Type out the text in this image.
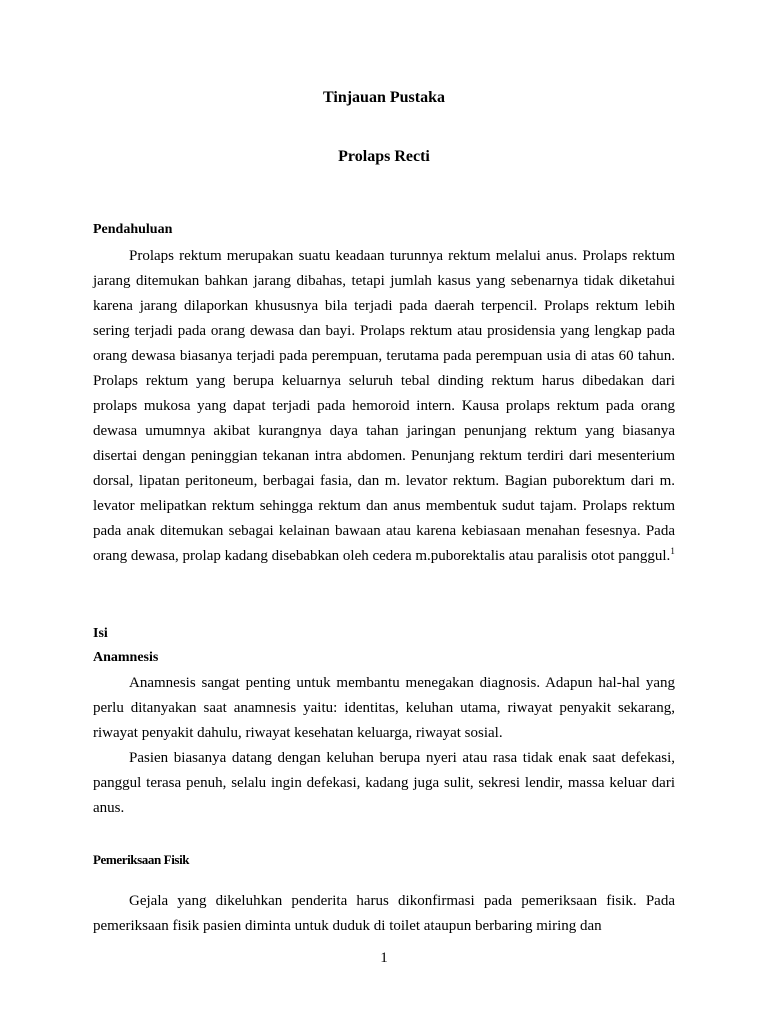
Tinjauan Pustaka
Prolaps Recti

Pendahuluan

Prolaps rektum merupakan suatu keadaan turunnya rektum melalui anus. Prolaps rektum jarang ditemukan bahkan jarang dibahas, tetapi jumlah kasus yang sebenarnya tidak diketahui karena jarang dilaporkan khususnya bila terjadi pada daerah terpencil. Prolaps rektum lebih sering terjadi pada orang dewasa dan bayi. Prolaps rektum atau prosidensia yang lengkap pada orang dewasa biasanya terjadi pada perempuan, terutama pada perempuan usia di atas 60 tahun. Prolaps rektum yang berupa keluarnya seluruh tebal dinding rektum harus dibedakan dari prolaps mukosa yang dapat terjadi pada hemoroid intern. Kausa prolaps rektum pada orang dewasa umumnya akibat kurangnya daya tahan jaringan penunjang rektum yang biasanya disertai dengan peninggian tekanan intra abdomen. Penunjang rektum terdiri dari mesenterium dorsal, lipatan peritoneum, berbagai fasia, dan m. levator rektum. Bagian puborektum dari m. levator melipatkan rektum sehingga rektum dan anus membentuk sudut tajam. Prolaps rektum pada anak ditemukan sebagai kelainan bawaan atau karena kebiasaan menahan fesesnya. Pada orang dewasa, prolap kadang disebabkan oleh cedera m.puborektalis atau paralisis otot panggul.$^1$

Isi

Anamnesis

Anamnesis sangat penting untuk membantu menegakan diagnosis. Adapun hal-hal yang perlu ditanyakan saat anamnesis yaitu: identitas, keluhan utama, riwayat penyakit sekarang, riwayat penyakit dahulu, riwayat kesehatan keluarga, riwayat sosial.

Pasien biasanya datang dengan keluhan berupa nyeri atau rasa tidak enak saat defekasi, panggul terasa penuh, selalu ingin defekasi, kadang juga sulit, sekresi lendir, massa keluar dari anus.

Pemeriksaan Fisik

Gejala yang dikeluhkan penderita harus dikonfirmasi pada pemeriksaan fisik. Pada pemeriksaan fisik pasien diminta untuk duduk di toilet ataupun berbaring miring dan

1
